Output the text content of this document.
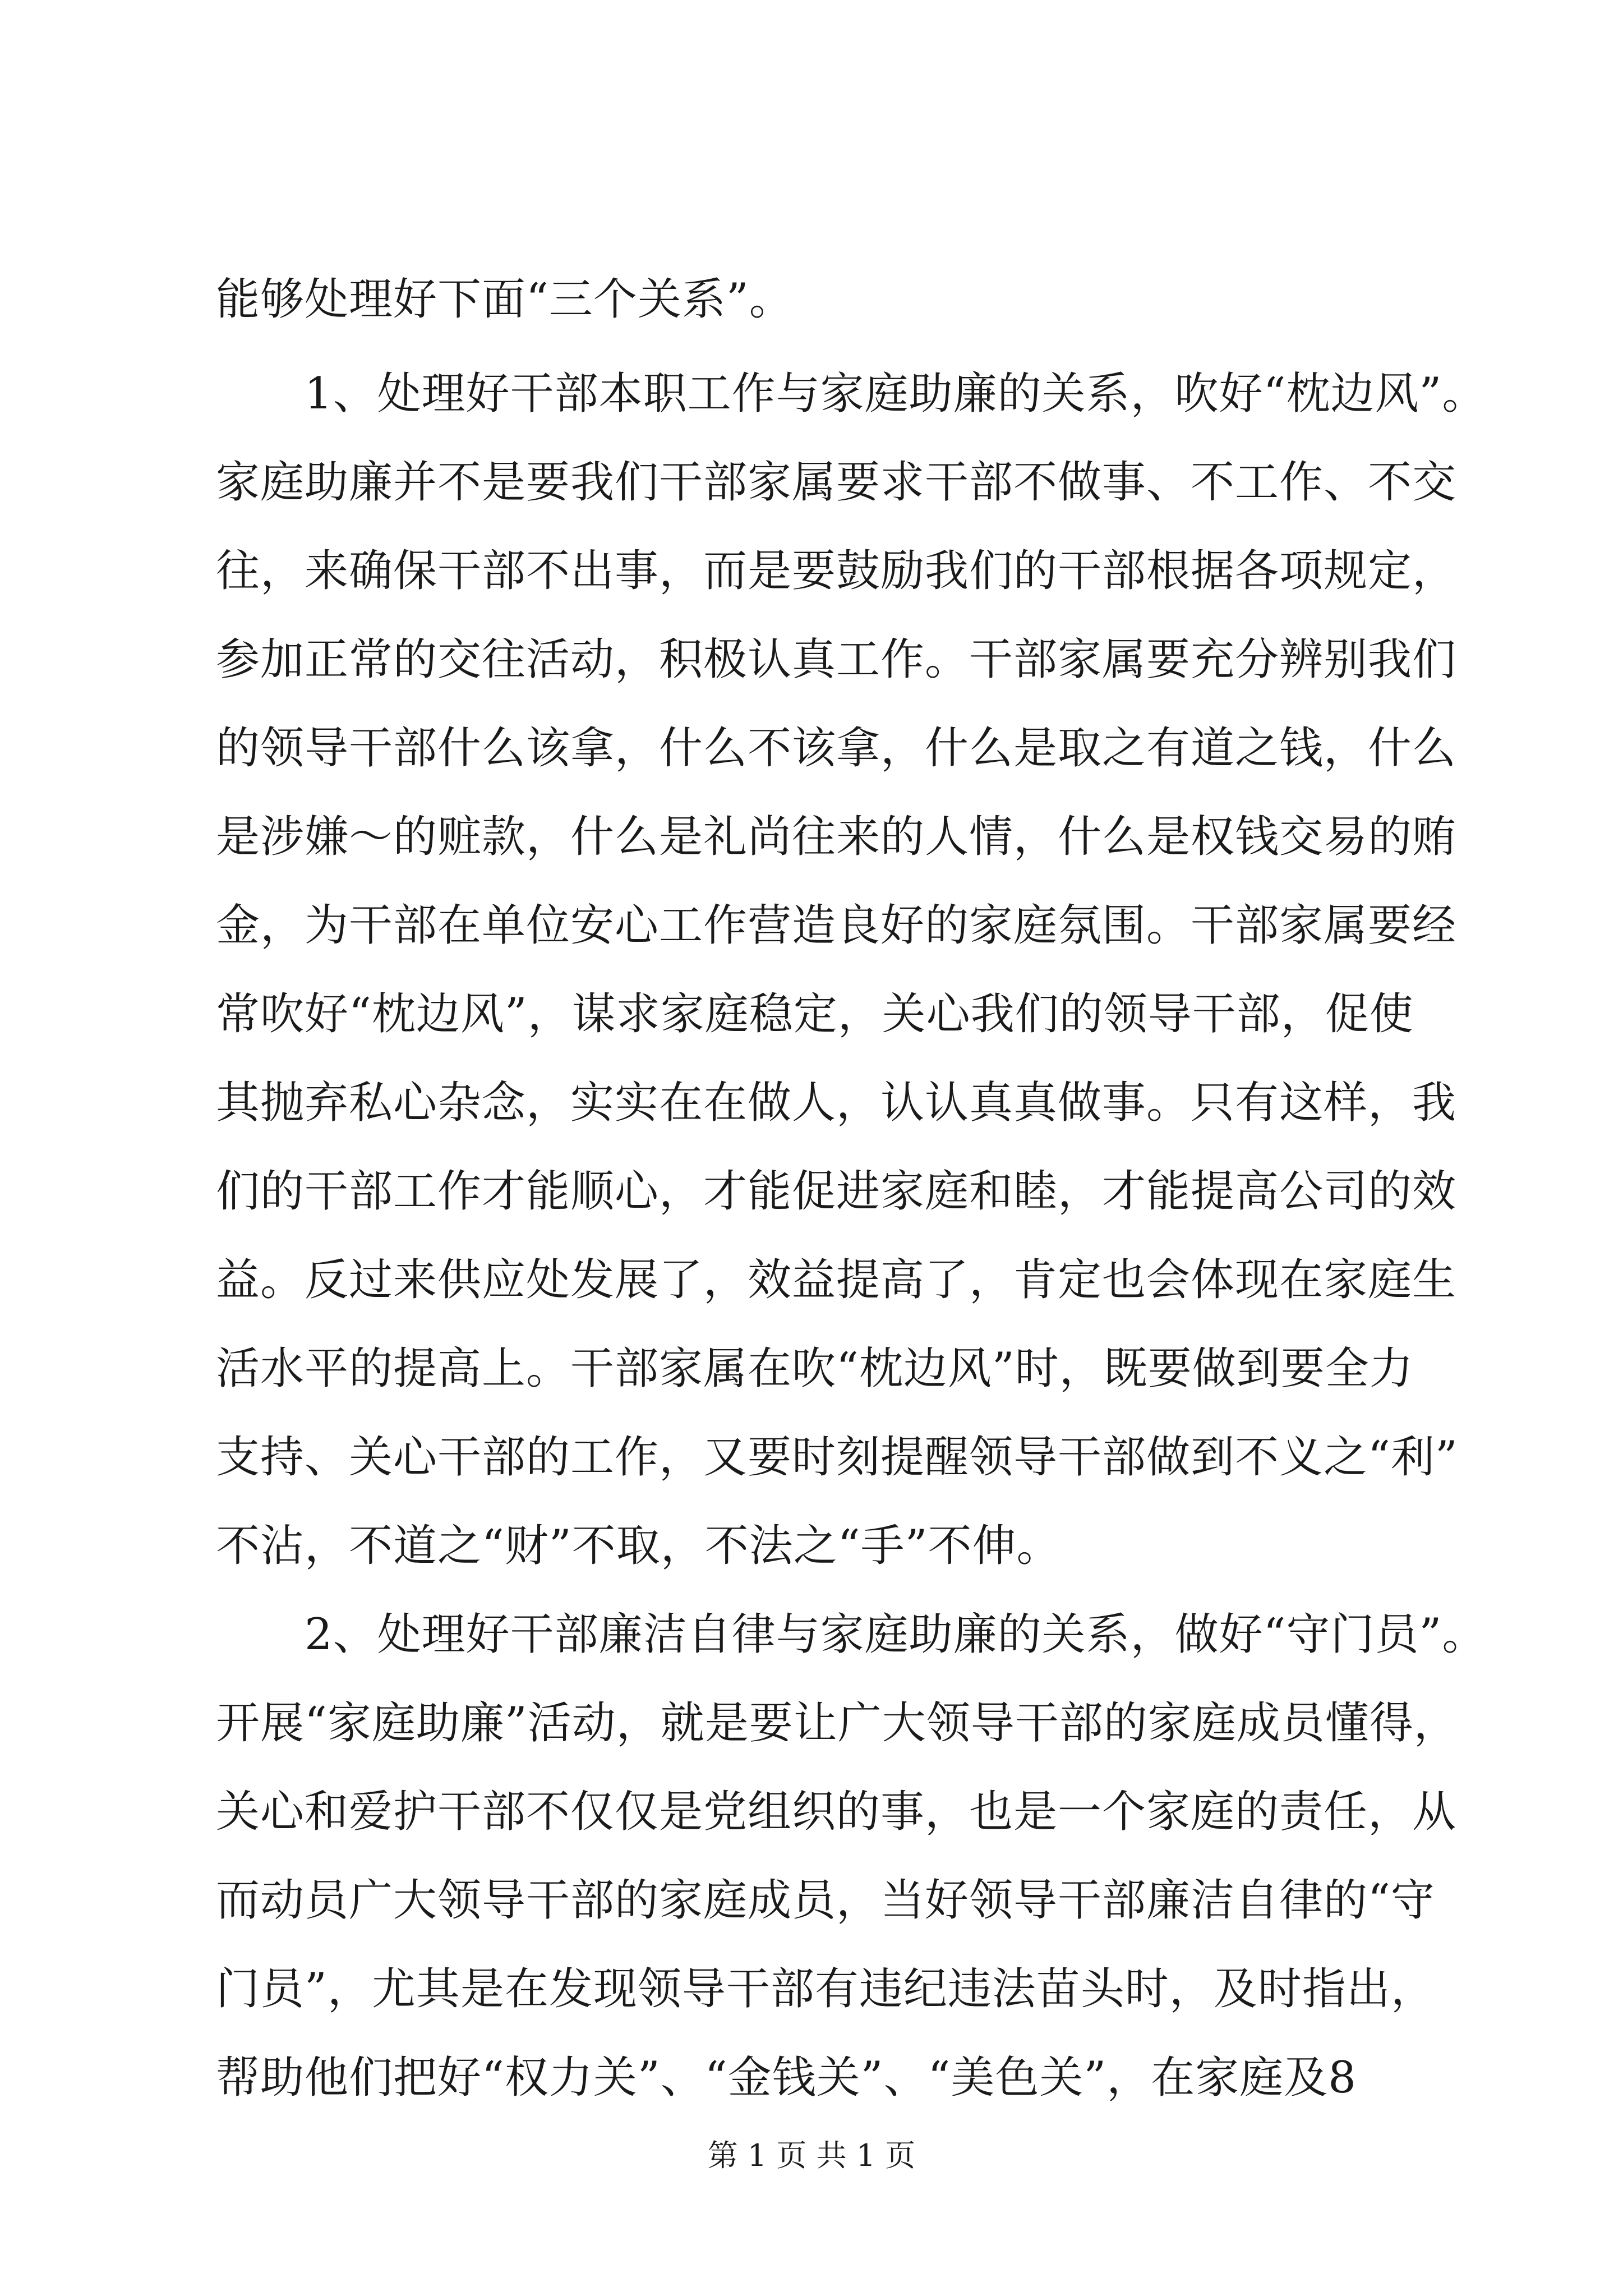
能够处理好下面“三个关系”。
　　1、处理好干部本职工作与家庭助廉的关系，吹好“枕边风”。
家庭助廉并不是要我们干部家属要求干部不做事、不工作、不交
往，来确保干部不出事，而是要鼓励我们的干部根据各项规定，
参加正常的交往活动，积极认真工作。干部家属要充分辨别我们
的领导干部什么该拿，什么不该拿，什么是取之有道之钱，什么
是涉嫌～的赃款，什么是礼尚往来的人情，什么是权钱交易的贿
金，为干部在单位安心工作营造良好的家庭氛围。干部家属要经
常吹好“枕边风”，谋求家庭稳定，关心我们的领导干部，促使
其抛弃私心杂念，实实在在做人，认认真真做事。只有这样，我
们的干部工作才能顺心，才能促进家庭和睦，才能提高公司的效
益。反过来供应处发展了，效益提高了，肯定也会体现在家庭生
活水平的提高上。干部家属在吹“枕边风”时，既要做到要全力
支持、关心干部的工作，又要时刻提醒领导干部做到不义之“利”
不沾，不道之“财”不取，不法之“手”不伸。
　　2、处理好干部廉洁自律与家庭助廉的关系，做好“守门员”。
开展“家庭助廉”活动，就是要让广大领导干部的家庭成员懂得，
关心和爱护干部不仅仅是党组织的事，也是一个家庭的责任，从
而动员广大领导干部的家庭成员，当好领导干部廉洁自律的“守
门员”，尤其是在发现领导干部有违纪违法苗头时，及时指出，
帮助他们把好“权力关”、“金钱关”、“美色关”，在家庭及8
第 1 页 共 1 页
